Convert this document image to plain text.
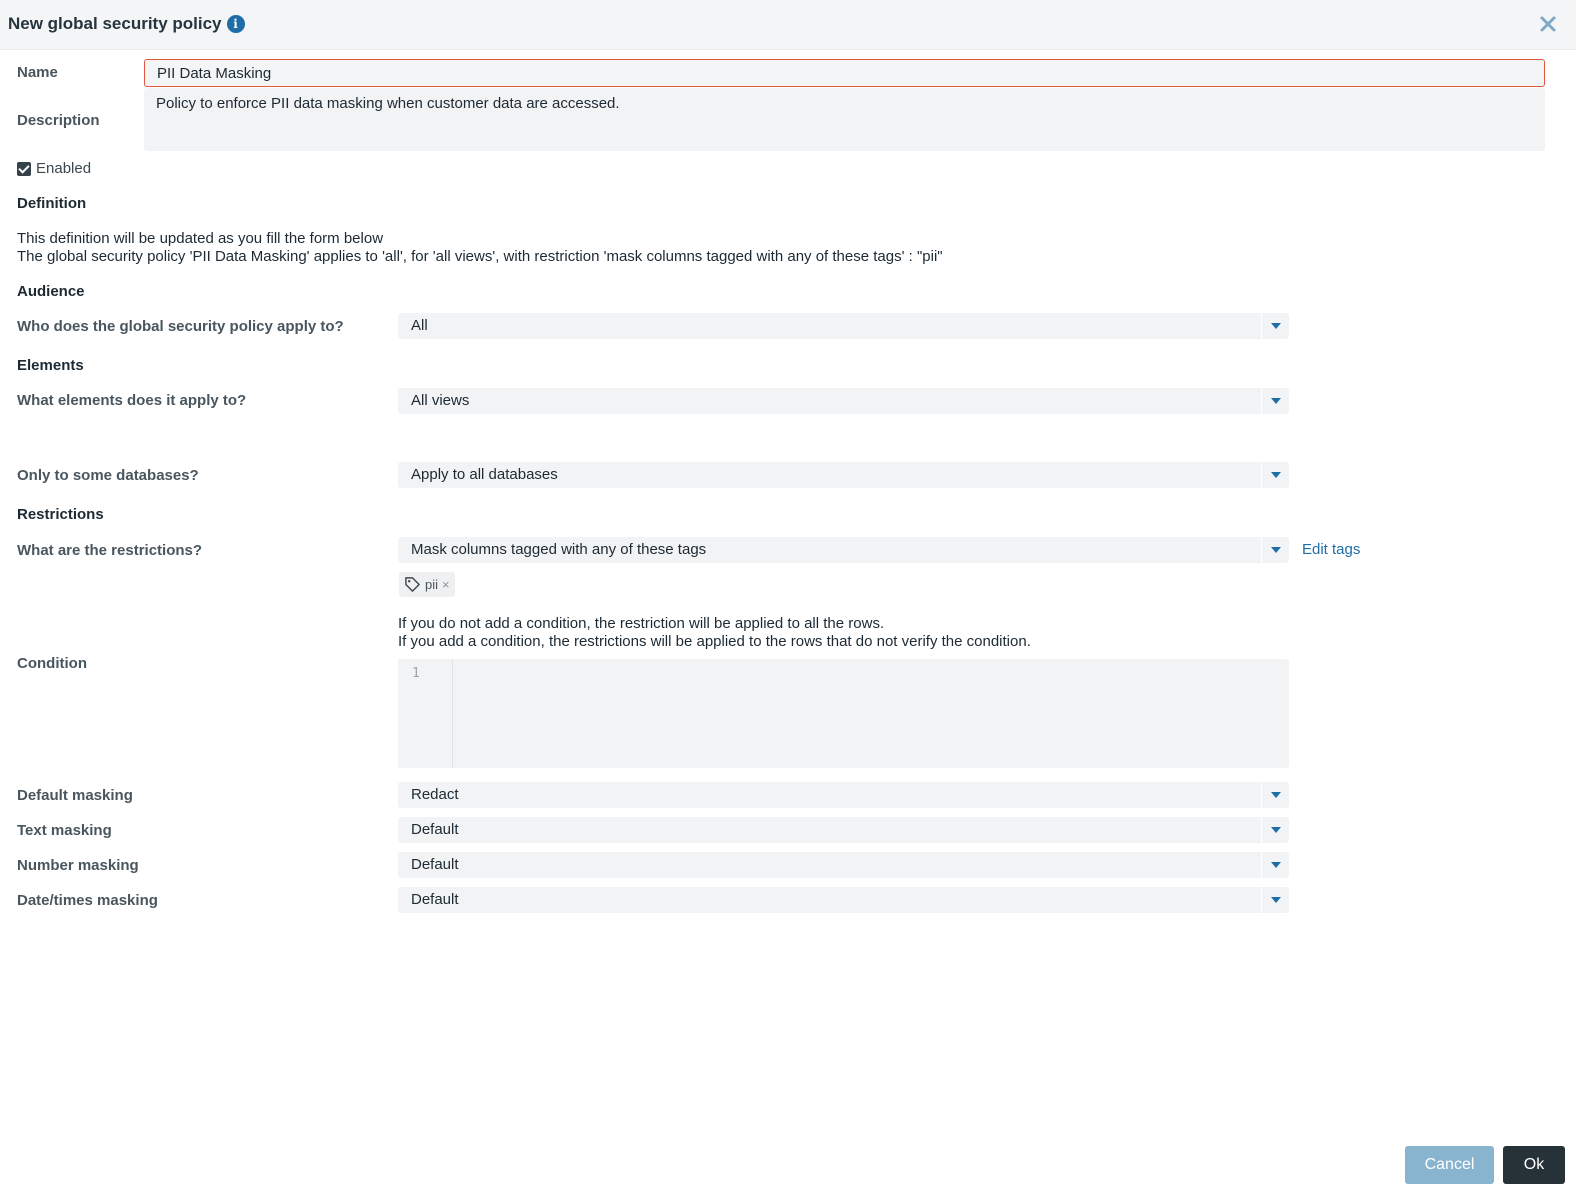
New global security policy i
Name	PII Data Masking
Description
Policy to enforce PII data masking when customer data are accessed.
Enabled
Definition
This definition will be updated as you fill the form below
The global security policy 'PII Data Masking' applies to 'all', for 'all views', with restriction 'mask columns tagged with any of these tags' : "pii"
Audience
Who does the global security policy apply to?	All
Elements
What elements does it apply to?	All views
Only to some databases?	Apply to all databases
Restrictions
What are the restrictions?	Mask columns tagged with any of these tags	Edit tags
pii ×
If you do not add a condition, the restriction will be applied to all the rows.
If you add a condition, the restrictions will be applied to the rows that do not verify the condition.
Condition
1
Default masking	Redact
Text masking	Default
Number masking	Default
Date/times masking	Default
Cancel	Ok
